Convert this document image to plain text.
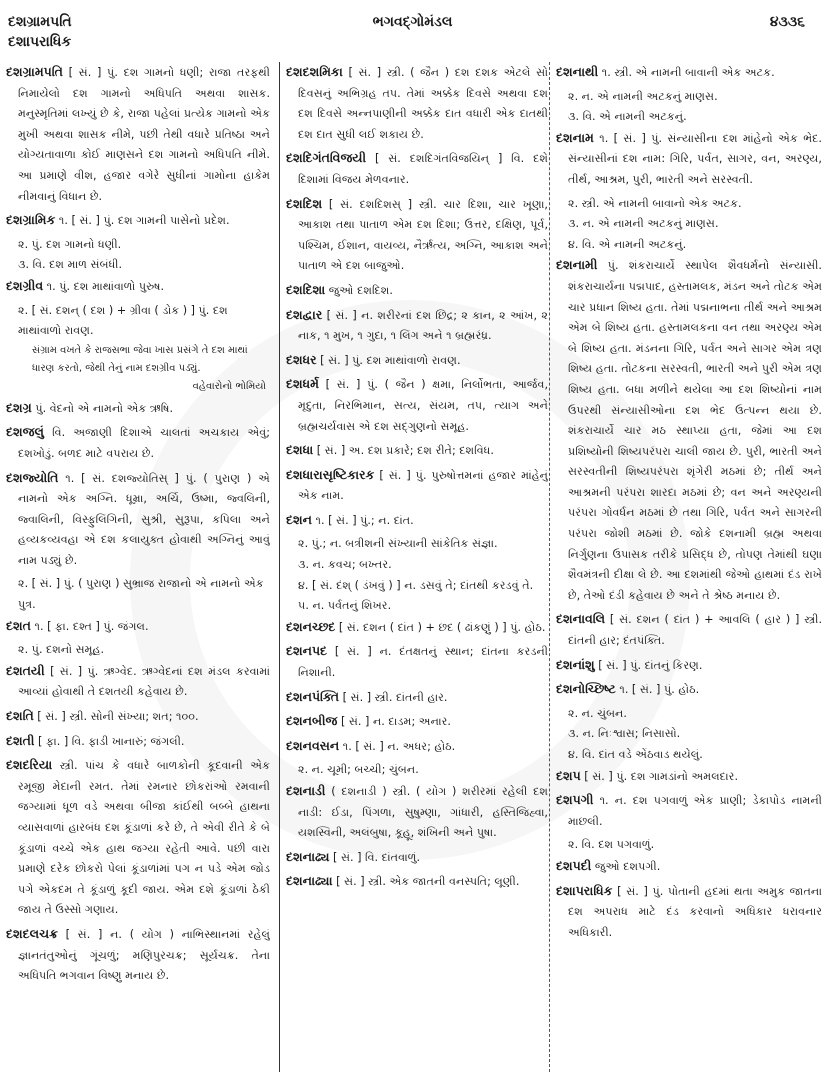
દશગ્રામપતિ
દશાપરાધિક
ભગવદ્ગોમંડલ	૪૩૩૬
દશગ્રામપતિ [ સં. ] પું. દશ ગામનો ધણી; રાજા તરફથી નિમાયેલો દશ ગામનો અધિપતિ અથવા શાસક. મનુસ્મૃતિમાં લખ્યું છે કે, રાજા પહેલાં પ્રત્યેક ગામનો એક મુખી અથવા શાસક નીમે, પછી તેથી વધારે પ્રતિષ્ઠા અને યોગ્યતાવાળા કોઈ માણસને દશ ગામનો અધિપતિ નીમે. આ પ્રમાણે વીશ, હજાર વગેરે સુધીનાં ગામોના હાકેમ નીમવાનું વિધાન છે.
દશગ્રામિક ૧. [ સં. ] પું. દશ ગામની પાસેનો પ્રદેશ.
૨. પું. દશ ગામનો ધણી.
૩. વિ. દશ માળ સંબંધી.
દશગ્રીવ ૧. પું. દશ માથાંવાળો પુરુષ.
૨. [ સં. દશન્ ( દશ ) + ગ્રીવા ( ડોક ) ] પું. દશ માથાંવાળો રાવણ.
સંગ્રામ વખતે કે રાજસભા જેવા ખાસ પ્રસંગે તે દશ માથાં ધારણ કરતો, જેથી તેનું નામ દશગ્રીવ પડ્યું.
વહેવારોનો ભોમિયો
દશગ્ર પું. વેદનો એ નામનો એક ઋષિ.
દશજલું વિ. અજાણી દિશાએ ચાલતાં અચકાય એવું; દશખોડું. બળદ માટે વપરાય છે.
દશજ્યોતિ ૧. [ સં. દશજ્યોતિસ્ ] પું. ( પુરાણ ) એ નામનો એક અગ્નિ. ધૂમ્રા, અર્ચિ, ઉષ્મા, જ્વલિની, જ્વાલિની, વિસ્ફુલિંગિની, સુશ્રી, સુરૂપા, કપિલા અને હવ્યકવ્યવહા એ દશ કલાયુક્ત હોવાથી અગ્નિનું આવું નામ પડ્યું છે.
૨. [ સં. ] પું. ( પુરાણ ) સુભ્રાજ રાજાનો એ નામનો એક પુત્ર.
દશત ૧. [ ફા. દશ્ત ] પું. જંગલ.
૨. પું. દશનો સમૂહ.
દશતયી [ સં. ] પું. ઋગ્વેદ. ઋગ્વેદનાં દશ મંડલ કરવામાં આવ્યાં હોવાથી તે દશતયી કહેવાય છે.
દશતિ [ સં. ] સ્ત્રી. સોની સંખ્યા; શત; ૧૦૦.
દશતી [ ફા. ] વિ. ફાડી ખાનારું; જંગલી.
દશદરિયા સ્ત્રી. પાંચ કે વધારે બાળકોની કૂદવાની એક રમૂજી મેદાની રમત. તેમાં રમનાર છોકરાંઓ રમવાની જગ્યામાં ધૂળ વડે અથવા બીજા કાંઈથી બબ્બે હાથના વ્યાસવાળાં હારબંધ દશ કૂંડાળાં કરે છે, તે એવી રીતે કે બે કૂંડાળાં વચ્ચે એક હાથ જગ્યા રહેતી આવે. પછી વારા પ્રમાણે દરેક છોકરો પેલાં કૂંડાળાંમાં પગ ન પડે એમ જોડ પગે એકદમ તે કૂંડાળું કૂદી જાય. એમ દશે કૂંડાળાં ઠેકી જાય તે ઉસ્સો ગણાય.
દશદલચક્ર [ સં. ] ન. ( યોગ ) નાભિસ્થાનમાં રહેલું જ્ઞાનતંતુઓનું ગૂંચળું; મણિપુરચક્ર; સૂર્યચક્ર. તેના અધિપતિ ભગવાન વિષ્ણુ મનાય છે.
દશદશમિકા [ સં. ] સ્ત્રી. ( જૈન ) દશ દશક એટલે સો દિવસનું અભિગ્રહ તપ. તેમાં અક્કેક દિવસે અથવા દશ દશ દિવસે અન્નપાણીની અક્કેક દાત વધારી એક દાતથી દશ દાત સુધી લઈ શકાય છે.
દશદિગંતવિજયી [ સં. દશદિગંતવિજયિન્ ] વિ. દશે દિશામાં વિજય મેળવનાર.
દશદિશ [ સં. દશદિશસ્ ] સ્ત્રી. ચાર દિશા, ચાર ખૂણા, આકાશ તથા પાતાળ એમ દશ દિશા; ઉત્તર, દક્ષિણ, પૂર્વ, પશ્ચિમ, ઈશાન, વાયવ્ય, નૈર્ઋત્ય, અગ્નિ, આકાશ અને પાતાળ એ દશ બાજુઓ.
દશદિશા જુઓ દશદિશ.
દશદ્વાર [ સં. ] ન. શરીરનાં દશ છિદ્ર; ૨ કાન, ૨ આંખ, ૨ નાક, ૧ મુખ, ૧ ગુદા, ૧ લિંગ અને ૧ બ્રહ્મરંધ્ર.
દશધર [ સં. ] પું. દશ માથાંવાળો રાવણ.
દશધર્મ [ સં. ] પું. ( જૈન ) ક્ષમા, નિર્લોભતા, આર્જવ, મૃદુતા, નિરભિમાન, સત્ય, સંયમ, તપ, ત્યાગ અને બ્રહ્મચર્યવાસ એ દશ સદ્ગુણનો સમૂહ.
દશધા [ સં. ] અ. દશ પ્રકારે; દશ રીતે; દશવિધ.
દશધારાસૃષ્ટિકારક [ સં. ] પું. પુરુષોત્તમનાં હજાર માંહેનું એક નામ.
દશન ૧. [ સં. ] પું.; ન. દાંત.
૨. પું.; ન. બત્રીશની સંખ્યાની સાંકેતિક સંજ્ઞા.
૩. ન. કવચ; બખ્તર.
૪. [ સં. દંશ્ ( ડંખવું ) ] ન. ડસવું તે; દાંતથી કરડવું તે.
૫. ન. પર્વતનું શિખર.
દશનચ્છદ [ સં. દશન ( દાંત ) + છદ ( ઢાંકણું ) ] પું. હોઠ.
દશનપદ [ સં. ] ન. દંતક્ષતનું સ્થાન; દાંતના કરડની નિશાની.
દશનપંક્તિ [ સં. ] સ્ત્રી. દાંતની હાર.
દશનબીજ [ સં. ] ન. દાડમ; અનાર.
દશનવસન ૧. [ સં. ] ન. અધર; હોઠ.
૨. ન. ચૂમી; બચ્ચી; ચુંબન.
દશનાડી ( દશનાડી ) સ્ત્રી. ( યોગ ) શરીરમાં રહેલી દશ નાડી: ઈડા, પિંગળા, સુષુમ્ણા, ગાંધારી, હસ્તિજિહ્વા, યશસ્વિની, અલંબુષા, કૂહૂ, શંખિની અને પુષા.
દશનાઢ્ય [ સં. ] વિ. દાંતવાળું.
દશનાઢ્યા [ સં. ] સ્ત્રી. એક જાતની વનસ્પતિ; લૂણી.
દશનાથી ૧. સ્ત્રી. એ નામની બાવાની એક અટક.
૨. ન. એ નામની અટકનું માણસ.
૩. વિ. એ નામની અટકનું.
દશનામ ૧. [ સં. ] પું. સંન્યાસીના દશ માંહેનો એક ભેદ. સંન્યાસીનાં દશ નામ: ગિરિ, પર્વત, સાગર, વન, અરણ્ય, તીર્થ, આશ્રમ, પુરી, ભારતી અને સરસ્વતી.
૨. સ્ત્રી. એ નામની બાવાનો એક અટક.
૩. ન. એ નામની અટકનું માણસ.
૪. વિ. એ નામની અટકનું.
દશનામી પું. શંકરાચાર્યે સ્થાપેલ શૈવધર્મનો સંન્યાસી. શંકરાચાર્યના પદ્મપાદ, હસ્તામલક, મંડન અને તોટક એમ ચાર પ્રધાન શિષ્ય હતા. તેમાં પદ્મનાભના તીર્થ અને આશ્રમ એમ બે શિષ્ય હતા. હસ્તામલકના વન તથા અરણ્ય એમ બે શિષ્ય હતા. મંડનના ગિરિ, પર્વત અને સાગર એમ ત્રણ શિષ્ય હતા. તોટકના સરસ્વતી, ભારતી અને પુરી એમ ત્રણ શિષ્ય હતા. બધા મળીને થયેલા આ દશ શિષ્યોનાં નામ ઉપરથી સંન્યાસીઓના દશ ભેદ ઉત્પન્ન થયા છે. શંકરાચાર્યે ચાર મઠ સ્થાપ્યા હતા, જેમાં આ દશ પ્રશિષ્યોની શિષ્યપરંપરા ચાલી જાય છે. પુરી, ભારતી અને સરસ્વતીની શિષ્યપરંપરા શૃંગેરી મઠમાં છે; તીર્થ અને આશ્રમની પરંપરા શારદા મઠમાં છે; વન અને અરણ્યની પરંપરા ગોવર્ધન મઠમાં છે તથા ગિરિ, પર્વત અને સાગરની પરંપરા જોશી મઠમાં છે. જોકે દશનામી બ્રહ્મ અથવા નિર્ગુણના ઉપાસક તરીકે પ્રસિદ્ધ છે, તોપણ તેમાંથી ઘણા શૈવમંત્રની દીક્ષા લે છે. આ દશમાંથી જેઓ હાથમાં દંડ રાખે છે, તેઓ દંડી કહેવાય છે અને તે શ્રેષ્ઠ મનાય છે.
દશનાવલિ [ સં. દશન ( દાંત ) + આવલિ ( હાર ) ] સ્ત્રી. દાંતની હાર; દંતપંક્તિ.
દશનાંશુ [ સં. ] પું. દાંતનું કિરણ.
દશનોચ્છિષ્ટ ૧. [ સં. ] પું. હોઠ.
૨. ન. ચુંબન.
૩. ન. નિઃશ્વાસ; નિસાસો.
૪. વિ. દાંત વડે એંઠવાડ થયેલું.
દશપ [ સં. ] પું. દશ ગામડાંનો અમલદાર.
દશપગી ૧. ન. દશ પગવાળું એક પ્રાણી; ડેકાપોડ નામની માછલી.
૨. વિ. દશ પગવાળું.
દશપદી જુઓ દશપગી.
દશાપરાધિક [ સં. ] પું. પોતાની હદમાં થતા અમુક જાતના દશ અપરાધ માટે દંડ કરવાનો અધિકાર ધરાવનાર અધિકારી.
